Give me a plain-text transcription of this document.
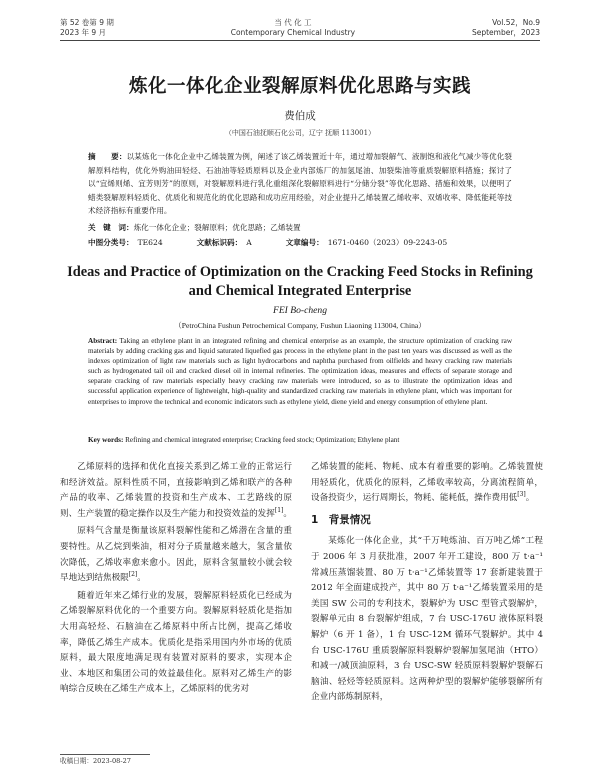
第 52 卷第 9 期
2023 年 9 月
当 代 化 工
Contemporary Chemical Industry
Vol.52，No.9
September，2023
炼化一体化企业裂解原料优化思路与实践
费伯成
（中国石油抚顺石化公司，辽宁 抚顺 113001）
摘　　要：以某炼化一体化企业中乙烯装置为例，阐述了该乙烯装置近十年，通过增加裂解气、液制饱和液化气减少等优化裂解原料结构，优化外购油田轻烃、石油油等轻质原料以及企业内部炼厂的加氢尾油、加裂柴油等重质裂解原料措施；探讨了以“宜烯则烯、宜芳则芳”的原则，对裂解原料进行乳化重组深化裂解原料进行“分储分裂”等优化思路、措施和效果，以便明了蜡类裂解原料轻质化、优质化和规范化的优化思路和成功应用经验，对企业提升乙烯装置乙烯收率、双烯收率、降低能耗等技术经济指标有重要作用。
关　键　词：炼化一体化企业；裂解原料；优化思路；乙烯装置
中图分类号： TE624	文献标识码： A	文章编号： 1671-0460（2023）09-2243-05
Ideas and Practice of Optimization on the Cracking Feed Stocks in Refining and Chemical Integrated Enterprise
FEI Bo-cheng
（PetroChina Fushun Petrochemical Company, Fushun Liaoning 113004, China）
Abstract: Taking an ethylene plant in an integrated refining and chemical enterprise as an example, the structure optimization of cracking raw materials by adding cracking gas and liquid saturated liquefied gas process in the ethylene plant in the past ten years was discussed as well as the indexes optimization of light raw materials such as light hydrocarbons and naphtha purchased from oilfields and heavy cracking raw materials such as hydrogenated tail oil and cracked diesel oil in internal refineries. The optimization ideas, measures and effects of separate storage and separate cracking of raw materials especially heavy cracking raw materials were introduced, so as to illustrate the optimization ideas and successful application experience of lightweight, high-quality and standardized cracking raw materials in ethylene plant, which was important for enterprises to improve the technical and economic indicators such as ethylene yield, diene yield and energy consumption of ethylene plant.
Key words: Refining and chemical integrated enterprise; Cracking feed stock; Optimization; Ethylene plant

乙烯原料的选择和优化直接关系到乙烯工业的正常运行和经济效益。原料性质不同，直接影响到乙烯和联产的各种产品的收率、乙烯装置的投资和生产成本、工艺路线的原则、生产装置的稳定操作以及生产能力和投资效益的发挥[1]。

原料气含量是衡量该原料裂解性能和乙烯潜在含量的重要特性。从乙烷到柴油，相对分子质量越来越大，氢含量依次降低，乙烯收率愈来愈小。因此，原料含氢量较小就会较早地达到结焦极限[2]。

随着近年来乙烯行业的发展，裂解原料轻质化已经成为乙烯裂解原料优化的一个重要方向。裂解原料轻质化是指加大用高轻烃、石脑油在乙烯原料中所占比例，提高乙烯收率，降低乙烯生产成本。优质化是指采用国内外市场的优质原料，最大限度地满足现有装置对原料的要求，实现本企业、本地区和集团公司的效益最佳化。原料对乙烯生产的影响综合反映在乙烯生产成本上，乙烯原料的优劣对

乙烯装置的能耗、物耗、成本有着重要的影响。乙烯装置使用轻质化，优质化的原料，乙烯收率较高，分离流程简单，设备投资少，运行周期长，物耗、能耗低，操作费用低[3]。

1　背景情况

某炼化一体化企业，其“千万吨炼油、百万吨乙烯”工程于 2006 年 3 月获批准，2007 年开工建设，800 万 t·a⁻¹常减压蒸馏装置、80 万 t·a⁻¹乙烯装置等 17 套新建装置于 2012 年全面建成投产，其中 80 万 t·a⁻¹乙烯装置采用的是美国 SW 公司的专利技术，裂解炉为 USC 型管式裂解炉，裂解单元由 8 台裂解炉组成，7 台 USC-176U 液体原料裂解炉（6 开 1 备），1 台 USC-12M 循环气裂解炉。其中 4 台 USC-176U 重质裂解原料裂解炉裂解加氢尾油（HTO）和减一/减顶油原料，3 台 USC-SW 轻质原料裂解炉裂解石脑油、轻烃等轻质原料。这两种炉型的裂解炉能够裂解所有企业内部炼制原料，

收稿日期：2023-08-27
